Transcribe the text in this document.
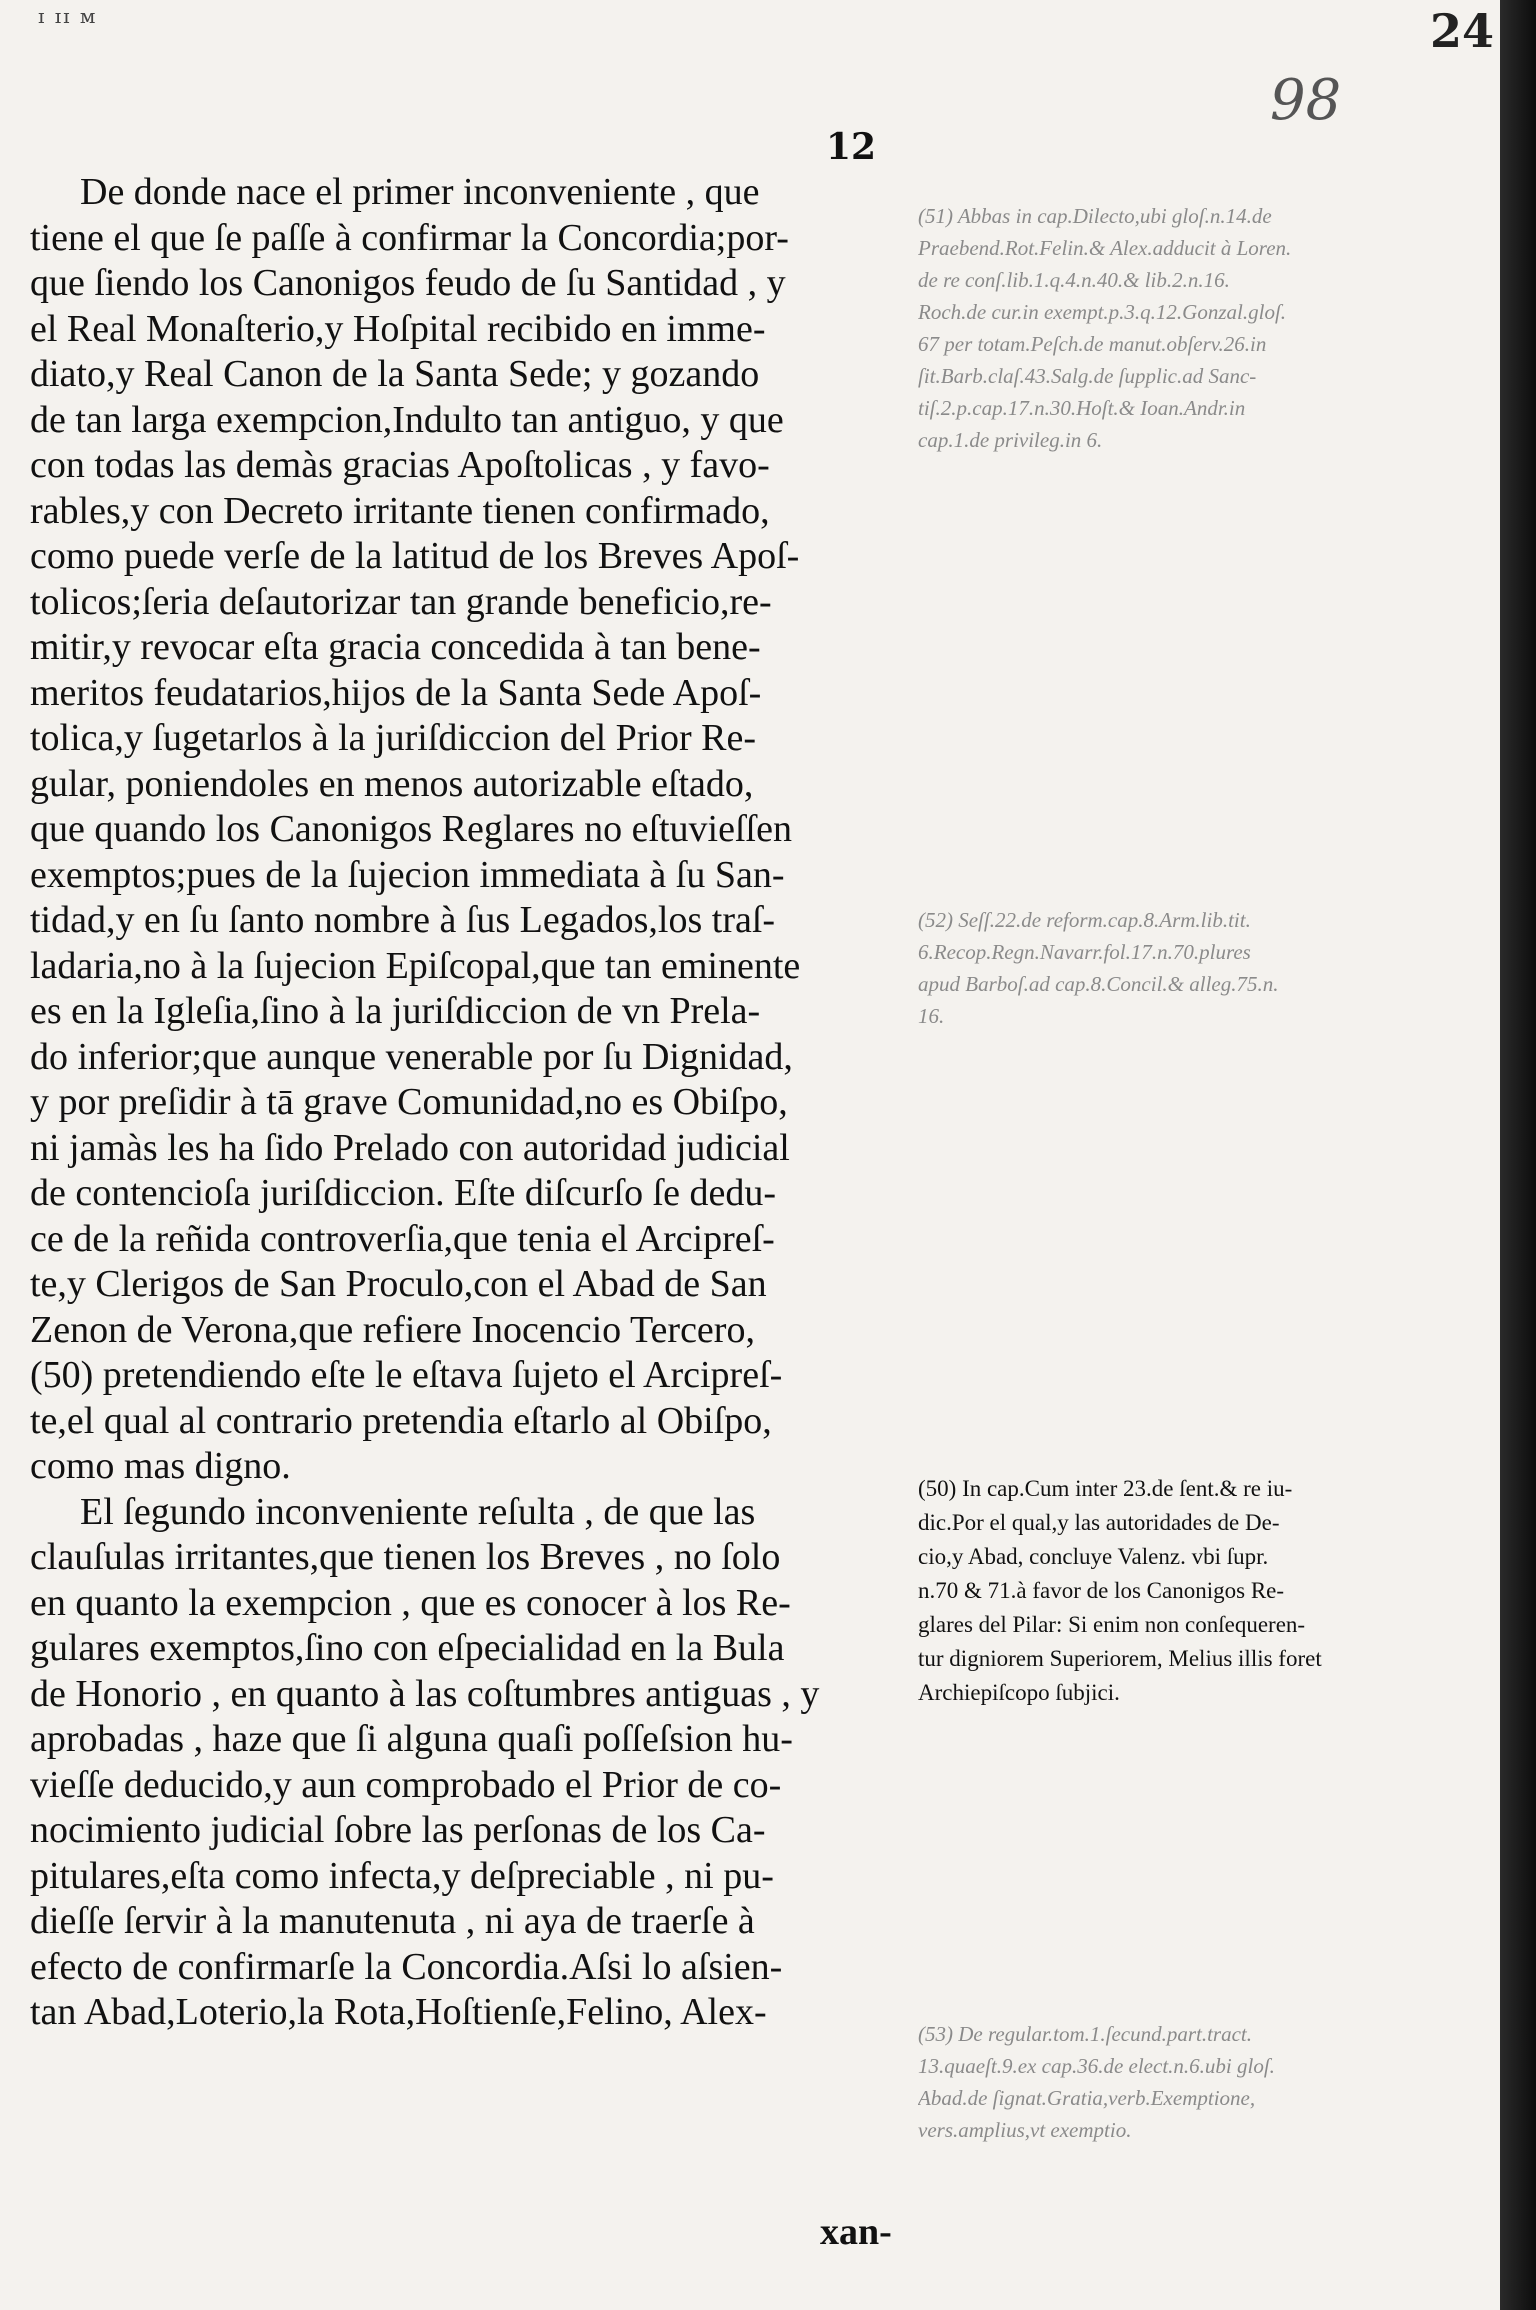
ɪ ɪɪ ᴍ	24
98
12
De donde nace el primer inconveniente , que
tiene el que ſe paſſe à confirmar la Concordia;por-
que ſiendo los Canonigos feudo de ſu Santidad , y
el Real Monaſterio,y Hoſpital recibido en imme-
diato,y Real Canon de la Santa Sede; y gozando
de tan larga exempcion,Indulto tan antiguo, y que
con todas las demàs gracias Apoſtolicas , y favo-
rables,y con Decreto irritante tienen confirmado,
como puede verſe de la latitud de los Breves Apoſ-
tolicos;ſeria deſautorizar tan grande beneficio,re-
mitir,y revocar eſta gracia concedida à tan bene-
meritos feudatarios,hijos de la Santa Sede Apoſ-
tolica,y ſugetarlos à la juriſdiccion del Prior Re-
gular, poniendoles en menos autorizable eſtado,
que quando los Canonigos Reglares no eſtuvieſſen
exemptos;pues de la ſujecion immediata à ſu San-
tidad,y en ſu ſanto nombre à ſus Legados,los traſ-
ladaria,no à la ſujecion Epiſcopal,que tan eminente
es en la Igleſia,ſino à la juriſdiccion de vn Prela-
do inferior;que aunque venerable por ſu Dignidad,
y por preſidir à tā grave Comunidad,no es Obiſpo,
ni jamàs les ha ſido Prelado con autoridad judicial
de contencioſa juriſdiccion. Eſte diſcurſo ſe dedu-
ce de la reñida controverſia,que tenia el Arcipreſ-
te,y Clerigos de San Proculo,con el Abad de San
Zenon de Verona,que refiere Inocencio Tercero,
(50) pretendiendo eſte le eſtava ſujeto el Arcipreſ-
te,el qual al contrario pretendia eſtarlo al Obiſpo,
como mas digno.
El ſegundo inconveniente reſulta , de que las
clauſulas irritantes,que tienen los Breves , no ſolo
en quanto la exempcion , que es conocer à los Re-
gulares exemptos,ſino con eſpecialidad en la Bula
de Honorio , en quanto à las coſtumbres antiguas , y
aprobadas , haze que ſi alguna quaſi poſſeſsion hu-
vieſſe deducido,y aun comprobado el Prior de co-
nocimiento judicial ſobre las perſonas de los Ca-
pitulares,eſta como infecta,y deſpreciable , ni pu-
dieſſe ſervir à la manutenuta , ni aya de traerſe à
efecto de confirmarſe la Concordia.Aſsi lo aſsien-
tan Abad,Loterio,la Rota,Hoſtienſe,Felino, Alex-
xan-
(51) Abbas in cap.Dilecto,ubi gloſ.n.14.de
Praebend.Rot.Felin.& Alex.adducit à Loren.
de re conſ.lib.1.q.4.n.40.& lib.2.n.16.
Roch.de cur.in exempt.p.3.q.12.Gonzal.gloſ.
67 per totam.Peſch.de manut.obſerv.26.in
ſit.Barb.claſ.43.Salg.de ſupplic.ad Sanc-
tiſ.2.p.cap.17.n.30.Hoſt.& Ioan.Andr.in
cap.1.de privileg.in 6.
(52) Seſſ.22.de reform.cap.8.Arm.lib.tit.
6.Recop.Regn.Navarr.fol.17.n.70.plures
apud Barboſ.ad cap.8.Concil.& alleg.75.n.
16.
(50) In cap.Cum inter 23.de ſent.& re iu-
dic.Por el qual,y las autoridades de De-
cio,y Abad, concluye Valenz. vbi ſupr.
n.70 & 71.à favor de los Canonigos Re-
glares del Pilar: Si enim non conſequeren-
tur digniorem Superiorem, Melius illis foret
Archiepiſcopo ſubjici.
(53) De regular.tom.1.ſecund.part.tract.
13.quaeſt.9.ex cap.36.de elect.n.6.ubi gloſ.
Abad.de ſignat.Gratia,verb.Exemptione,
vers.amplius,vt exemptio.
